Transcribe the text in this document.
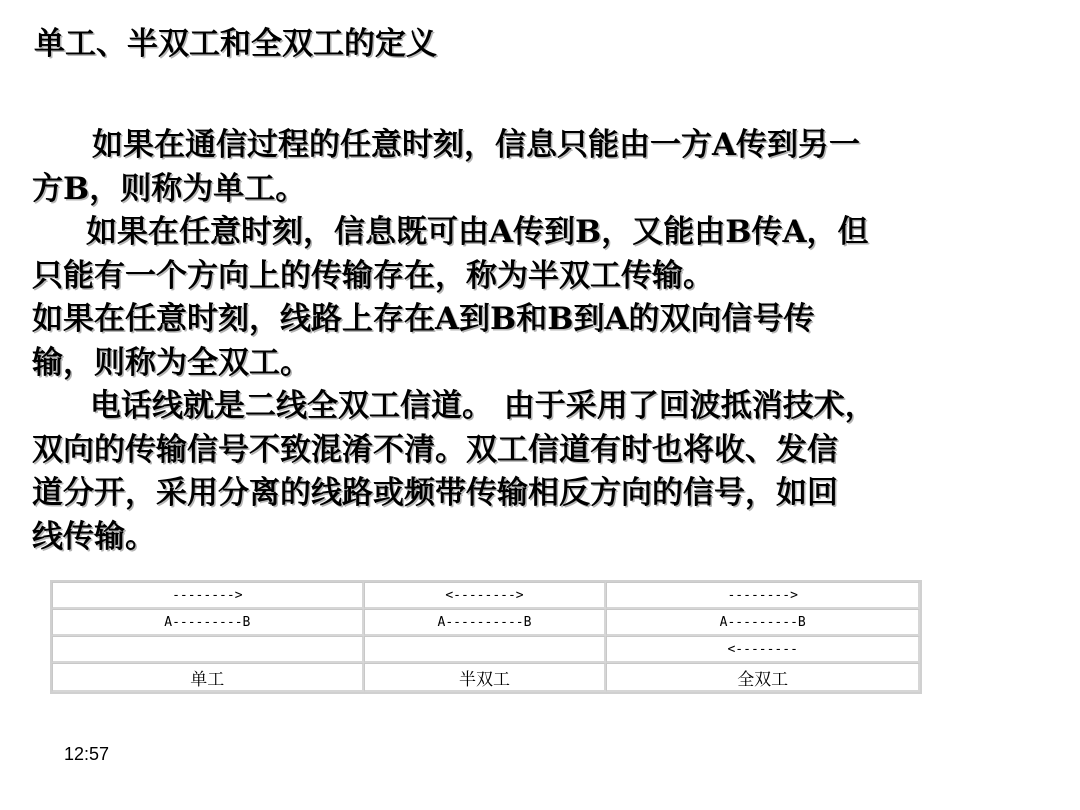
单工、半双工和全双工的定义
如果在通信过程的任意时刻，信息只能由一方A传到另一
方B，则称为单工。
如果在任意时刻，信息既可由A传到B，又能由B传A，但
只能有一个方向上的传输存在，称为半双工传输。
如果在任意时刻，线路上存在A到B和B到A的双向信号传
输，则称为全双工。
电话线就是二线全双工信道。 由于采用了回波抵消技术，
双向的传输信号不致混淆不清。双工信道有时也将收、发信
道分开，采用分离的线路或频带传输相反方向的信号，如回
线传输。
-------->	<-------->	-------->
A---------B	A----------B	A---------B
		<--------
单工	半双工	全双工
12:57
